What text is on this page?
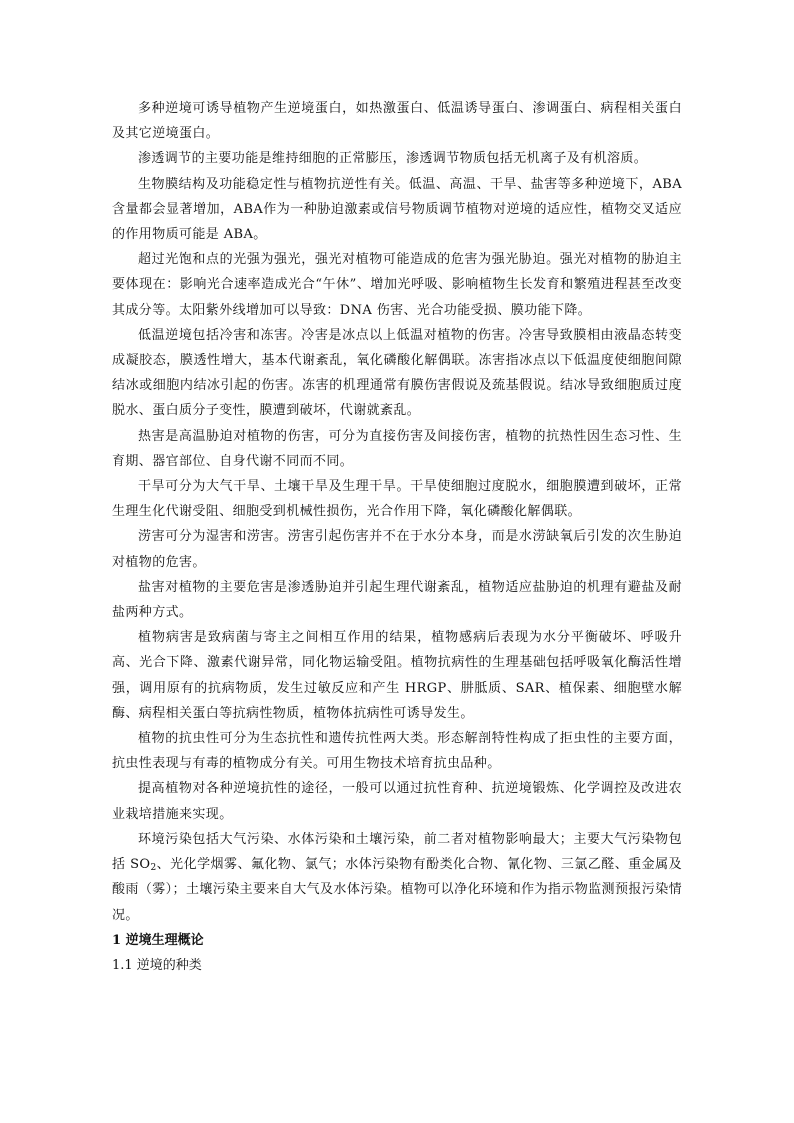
多种逆境可诱导植物产生逆境蛋白，如热激蛋白、低温诱导蛋白、渗调蛋白、病程相关蛋白及其它逆境蛋白。

渗透调节的主要功能是维持细胞的正常膨压，渗透调节物质包括无机离子及有机溶质。

生物膜结构及功能稳定性与植物抗逆性有关。低温、高温、干旱、盐害等多种逆境下，ABA含量都会显著增加，ABA作为一种胁迫激素或信号物质调节植物对逆境的适应性，植物交叉适应的作用物质可能是 ABA。

超过光饱和点的光强为强光，强光对植物可能造成的危害为强光胁迫。强光对植物的胁迫主要体现在：影响光合速率造成光合“午休”、增加光呼吸、影响植物生长发育和繁殖进程甚至改变其成分等。太阳紫外线增加可以导致：DNA 伤害、光合功能受损、膜功能下降。

低温逆境包括冷害和冻害。冷害是冰点以上低温对植物的伤害。冷害导致膜相由液晶态转变成凝胶态，膜透性增大，基本代谢紊乱，氧化磷酸化解偶联。冻害指冰点以下低温度使细胞间隙结冰或细胞内结冰引起的伤害。冻害的机理通常有膜伤害假说及巯基假说。结冰导致细胞质过度脱水、蛋白质分子变性，膜遭到破坏，代谢就紊乱。

热害是高温胁迫对植物的伤害，可分为直接伤害及间接伤害，植物的抗热性因生态习性、生育期、器官部位、自身代谢不同而不同。

干旱可分为大气干旱、土壤干旱及生理干旱。干旱使细胞过度脱水，细胞膜遭到破坏，正常生理生化代谢受阻、细胞受到机械性损伤，光合作用下降，氧化磷酸化解偶联。

涝害可分为湿害和涝害。涝害引起伤害并不在于水分本身，而是水涝缺氧后引发的次生胁迫对植物的危害。

盐害对植物的主要危害是渗透胁迫并引起生理代谢紊乱，植物适应盐胁迫的机理有避盐及耐盐两种方式。

植物病害是致病菌与寄主之间相互作用的结果，植物感病后表现为水分平衡破坏、呼吸升高、光合下降、激素代谢异常，同化物运输受阻。植物抗病性的生理基础包括呼吸氧化酶活性增强，调用原有的抗病物质，发生过敏反应和产生 HRGP、肼胝质、SAR、植保素、细胞壁水解酶、病程相关蛋白等抗病性物质，植物体抗病性可诱导发生。

植物的抗虫性可分为生态抗性和遗传抗性两大类。形态解剖特性构成了拒虫性的主要方面，抗虫性表现与有毒的植物成分有关。可用生物技术培育抗虫品种。

提高植物对各种逆境抗性的途径，一般可以通过抗性育种、抗逆境锻炼、化学调控及改进农业栽培措施来实现。

环境污染包括大气污染、水体污染和土壤污染，前二者对植物影响最大；主要大气污染物包括 $SO_2$、光化学烟雾、氟化物、氯气；水体污染物有酚类化合物、氰化物、三氯乙醛、重金属及酸雨（雾）；土壤污染主要来自大气及水体污染。植物可以净化环境和作为指示物监测预报污染情况。

1 逆境生理概论

1.1 逆境的种类
